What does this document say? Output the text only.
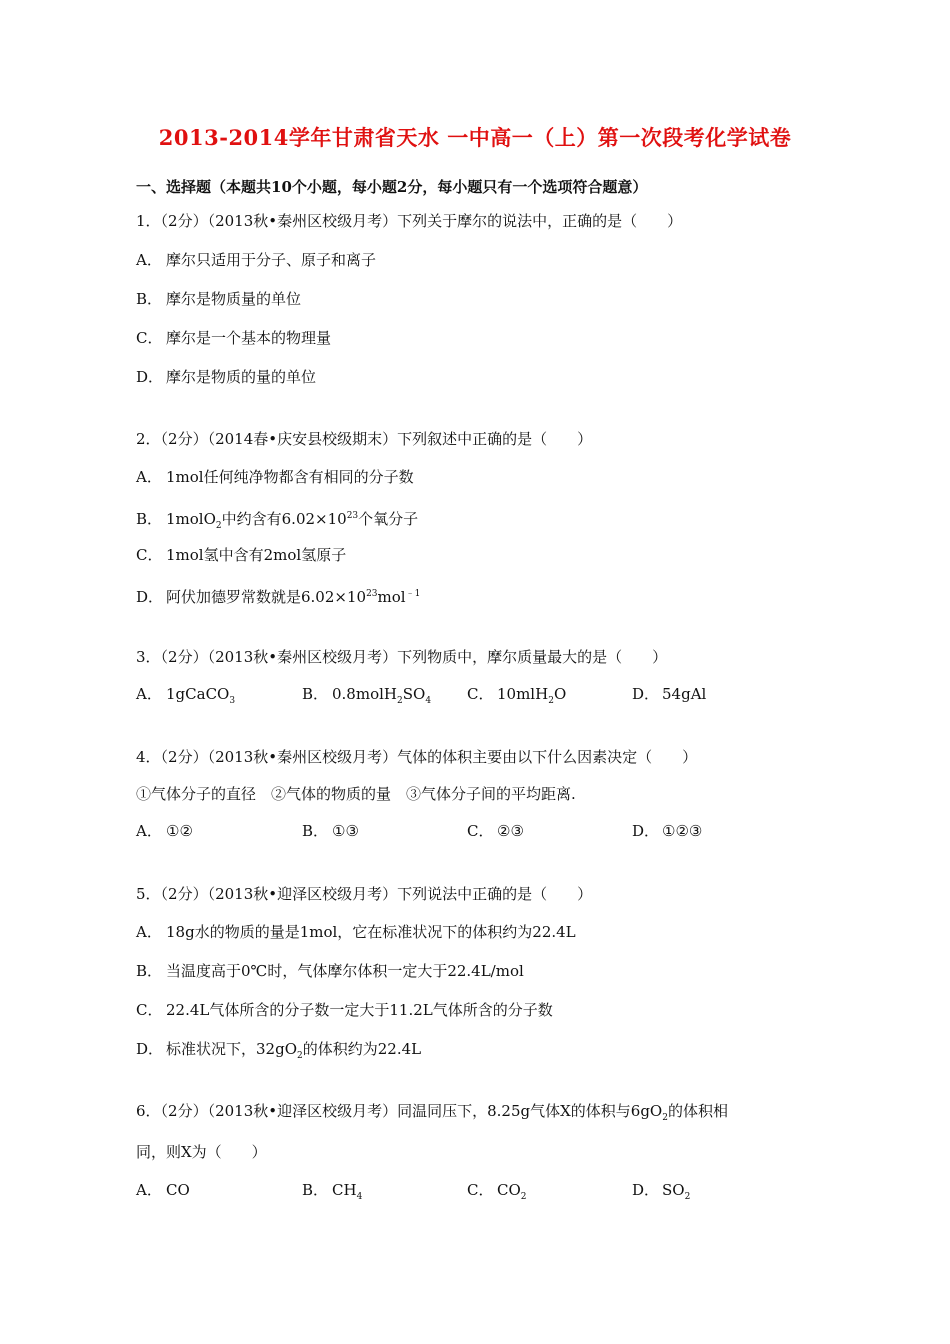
2013-2014学年甘肃省天水 一中高一（上）第一次段考化学试卷
一、选择题（本题共10个小题，每小题2分，每小题只有一个选项符合题意）
1．（2分）（2013秋•秦州区校级月考）下列关于摩尔的说法中，正确的是（　　）
A． 摩尔只适用于分子、原子和离子
B． 摩尔是物质量的单位
C． 摩尔是一个基本的物理量
D． 摩尔是物质的量的单位
2．（2分）（2014春•庆安县校级期末）下列叙述中正确的是（　　）
A． 1mol任何纯净物都含有相同的分子数
B． 1molO$_2$中约含有$6.02\times 10^{23}$个氧分子
C． 1mol氢中含有2mol氢原子
D． 阿伏加德罗常数就是$6.02\times 10^{23}mol^{﹣1}$
3．（2分）（2013秋•秦州区校级月考）下列物质中，摩尔质量最大的是（　　）
A． 1gCaCO$_3$	B． $0.8molH_2SO_4$ C． 10mlH$_2$O	D． 54gAl
4．（2分）（2013秋•秦州区校级月考）气体的体积主要由以下什么因素决定（　　）
①气体分子的直径　②气体的物质的量　③气体分子间的平均距离.
A． ①②	B． ①③	C． ②③	D． ①②③
5．（2分）（2013秋•迎泽区校级月考）下列说法中正确的是（　　）
A． 18g水的物质的量是1mol，它在标准状况下的体积约为22.4L
B． 当温度高于0℃时，气体摩尔体积一定大于22.4L/mol
C． 22.4L气体所含的分子数一定大于11.2L气体所含的分子数
D． 标准状况下，$32gO_2$的体积约为22.4L
6．（2分）（2013秋•迎泽区校级月考）同温同压下，8.25g气体X的体积与$6gO_2$的体积相
同，则X为（　　）
A． CO	B． $CH_4$	C． $CO_2$	D． $SO_2$
